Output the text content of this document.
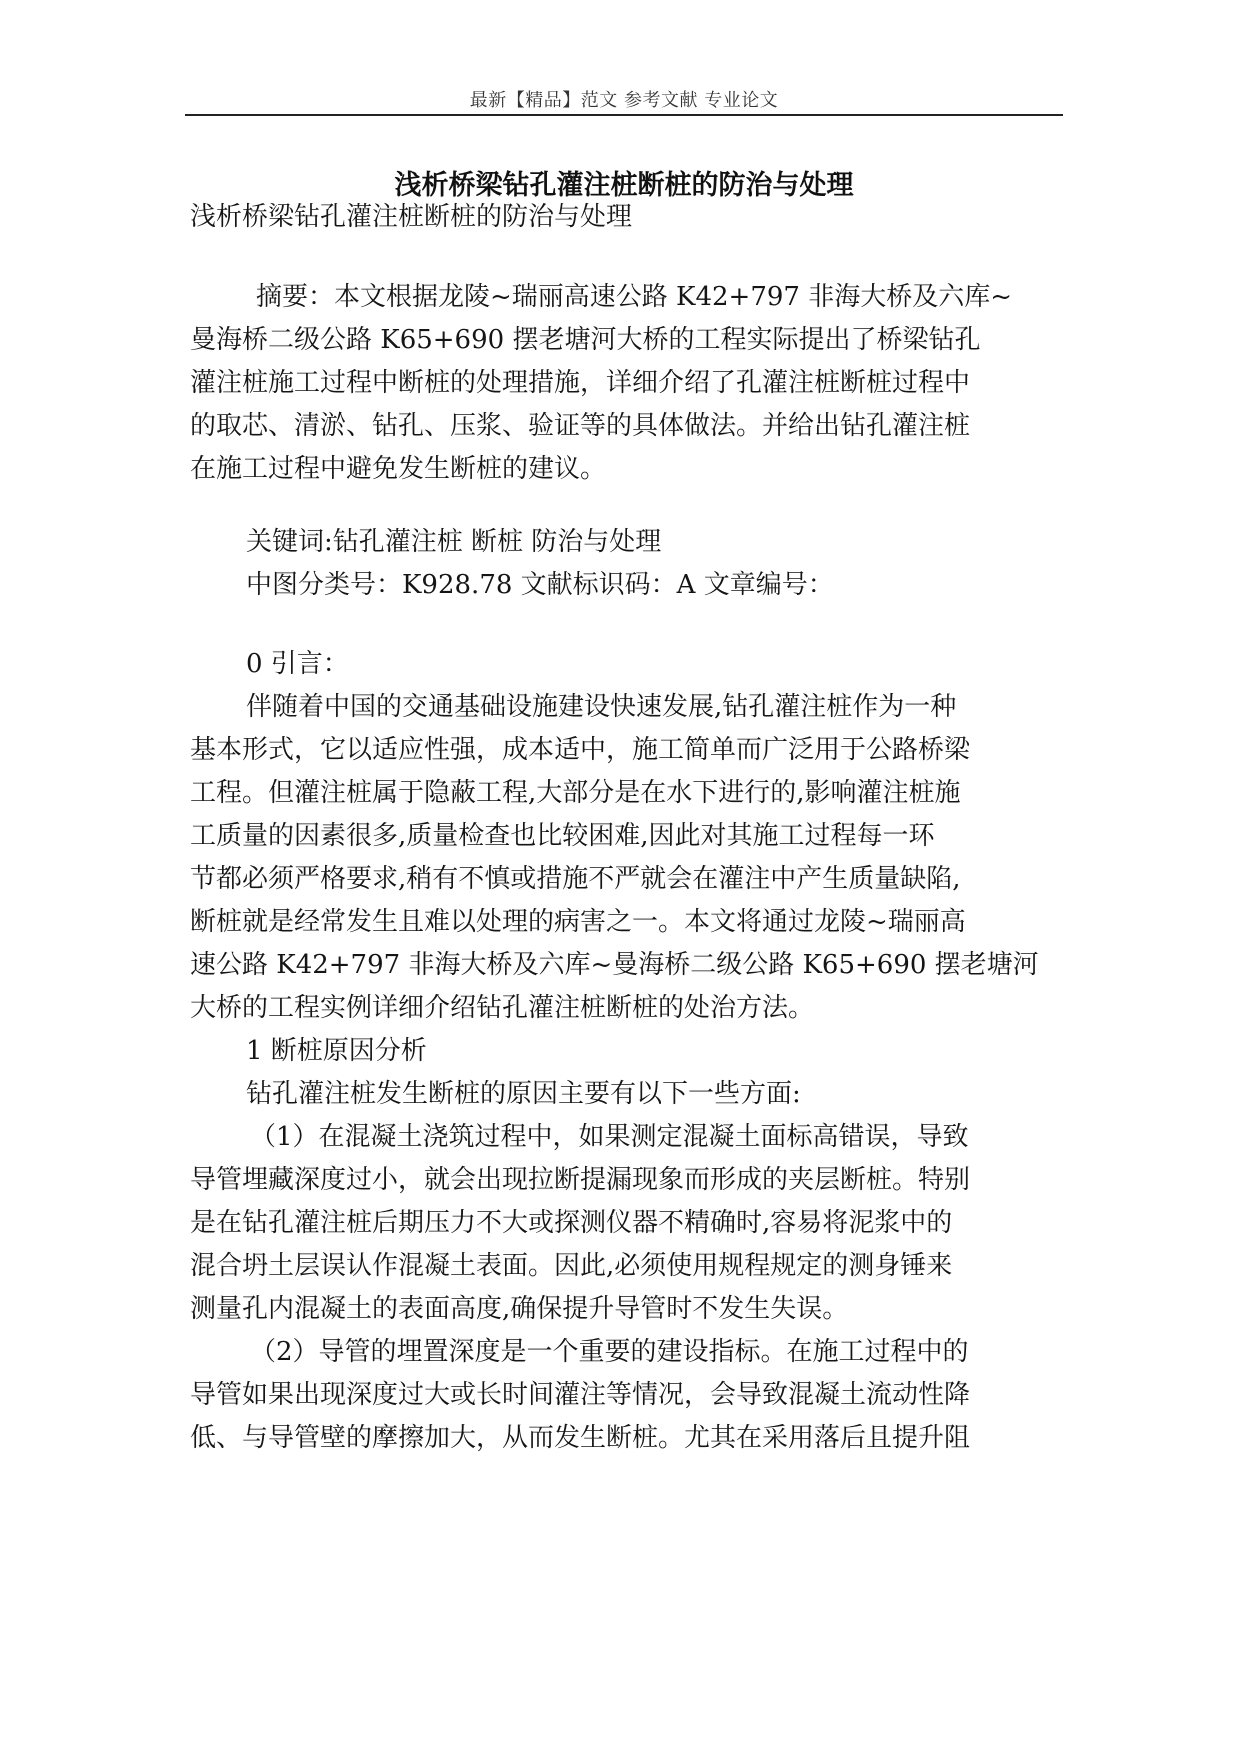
最新【精品】范文 参考文献 专业论文
浅析桥梁钻孔灌注桩断桩的防治与处理
浅析桥梁钻孔灌注桩断桩的防治与处理
摘要：本文根据龙陵~瑞丽高速公路 K42+797 非海大桥及六库~
曼海桥二级公路 K65+690 摆老塘河大桥的工程实际提出了桥梁钻孔
灌注桩施工过程中断桩的处理措施，详细介绍了孔灌注桩断桩过程中
的取芯、清淤、钻孔、压浆、验证等的具体做法。并给出钻孔灌注桩
在施工过程中避免发生断桩的建议。
关键词:钻孔灌注桩 断桩 防治与处理
中图分类号：K928.78 文献标识码：A 文章编号：
0 引言：
伴随着中国的交通基础设施建设快速发展,钻孔灌注桩作为一种
基本形式，它以适应性强，成本适中，施工简单而广泛用于公路桥梁
工程。但灌注桩属于隐蔽工程,大部分是在水下进行的,影响灌注桩施
工质量的因素很多,质量检查也比较困难,因此对其施工过程每一环
节都必须严格要求,稍有不慎或措施不严就会在灌注中产生质量缺陷,
断桩就是经常发生且难以处理的病害之一。本文将通过龙陵~瑞丽高
速公路 K42+797 非海大桥及六库~曼海桥二级公路 K65+690 摆老塘河
大桥的工程实例详细介绍钻孔灌注桩断桩的处治方法。
1 断桩原因分析
钻孔灌注桩发生断桩的原因主要有以下一些方面:
（1）在混凝土浇筑过程中，如果测定混凝土面标高错误，导致
导管埋藏深度过小，就会出现拉断提漏现象而形成的夹层断桩。特别
是在钻孔灌注桩后期压力不大或探测仪器不精确时,容易将泥浆中的
混合坍土层误认作混凝土表面。因此,必须使用规程规定的测身锤来
测量孔内混凝土的表面高度,确保提升导管时不发生失误。
（2）导管的埋置深度是一个重要的建设指标。在施工过程中的
导管如果出现深度过大或长时间灌注等情况，会导致混凝土流动性降
低、与导管壁的摩擦加大，从而发生断桩。尤其在采用落后且提升阻
